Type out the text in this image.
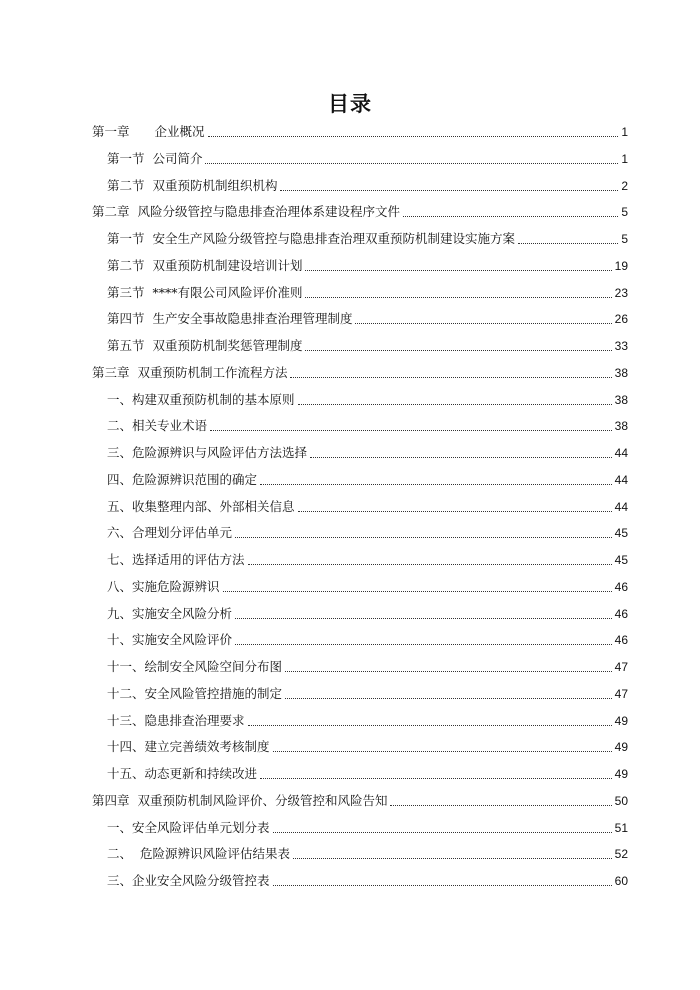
目录
第一章　　企业概况	1
第一节  公司简介	1
第二节  双重预防机制组织机构	2
第二章  风险分级管控与隐患排查治理体系建设程序文件	5
第一节  安全生产风险分级管控与隐患排查治理双重预防机制建设实施方案	5
第二节  双重预防机制建设培训计划	19
第三节  ****有限公司风险评价准则	23
第四节  生产安全事故隐患排查治理管理制度	26
第五节  双重预防机制奖惩管理制度	33
第三章  双重预防机制工作流程方法	38
一、构建双重预防机制的基本原则	38
二、相关专业术语	38
三、危险源辨识与风险评估方法选择	44
四、危险源辨识范围的确定	44
五、收集整理内部、外部相关信息	44
六、合理划分评估单元	45
七、选择适用的评估方法	45
八、实施危险源辨识	46
九、实施安全风险分析	46
十、实施安全风险评价	46
十一、绘制安全风险空间分布图	47
十二、安全风险管控措施的制定	47
十三、隐患排查治理要求	49
十四、建立完善绩效考核制度	49
十五、动态更新和持续改进	49
第四章  双重预防机制风险评价、分级管控和风险告知	50
一、安全风险评估单元划分表	51
二、  危险源辨识风险评估结果表	52
三、企业安全风险分级管控表	60
